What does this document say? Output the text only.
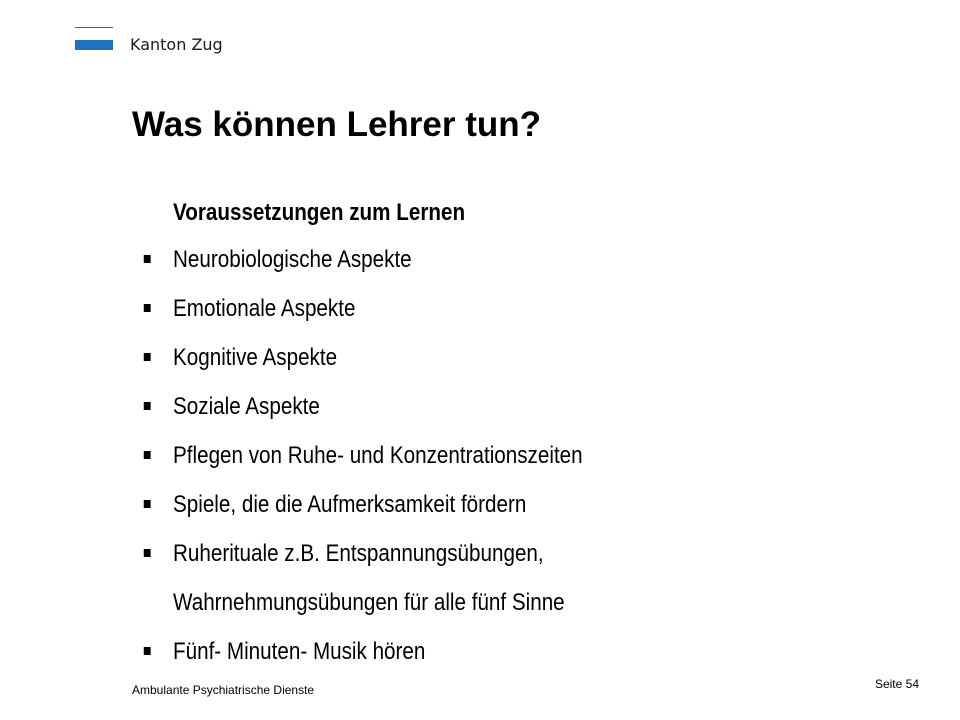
Kanton Zug
Was können Lehrer tun?
Voraussetzungen zum Lernen
Neurobiologische Aspekte
Emotionale Aspekte
Kognitive Aspekte
Soziale Aspekte
Pflegen von Ruhe- und Konzentrationszeiten
Spiele, die die Aufmerksamkeit fördern
Ruherituale z.B. Entspannungsübungen,
Wahrnehmungsübungen für alle fünf Sinne
Fünf- Minuten- Musik hören
Ambulante Psychiatrische Dienste	Seite 54
